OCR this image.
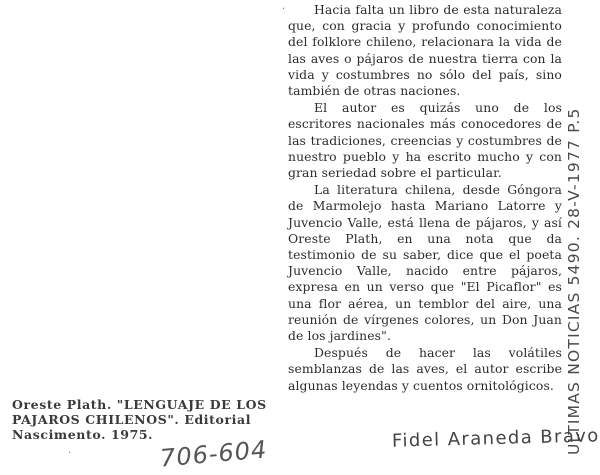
·	Hacia falta un libro de esta naturaleza que, con gracia y profundo conocimiento del folklore chileno, relacionara la vida de las aves o pájaros de nuestra tierra con la vida y costumbres no sólo del país, sino también de otras naciones.

El autor es quizás uno de los escritores nacionales más conocedores de las tradiciones, creencias y costumbres de nuestro pueblo y ha escrito mucho y con gran seriedad sobre el particular.

La literatura chilena, desde Góngora de Marmolejo hasta Mariano Latorre y Juvencio Valle, está llena de pájaros, y así Oreste Plath, en una nota que da testimonio de su saber, dice que el poeta Juvencio Valle, nacido entre pájaros, expresa en un verso que "El Picaflor" es una flor aérea, un temblor del aire, una reunión de vírgenes colores, un Don Juan de los jardines".

Después de hacer las volátiles semblanzas de las aves, el autor escribe algunas leyendas y cuentos ornitológicos.

Oreste Plath. "LENGUAJE DE LOS PAJAROS CHILENOS". Editorial Nascimento. 1975.	ULTIMAS NOTICIAS 5490. 28-V-1977 P.5
Fidel Araneda Bravo
706-604
·
